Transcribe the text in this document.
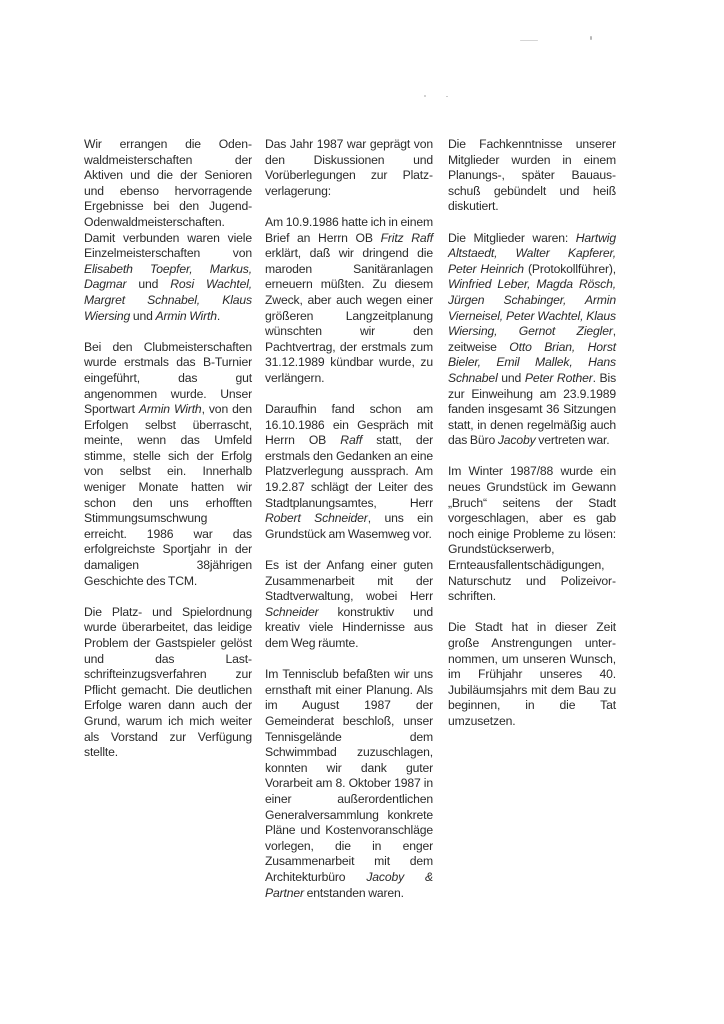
Wir errangen die Odenwaldmeisterschaften der Aktiven und die der Senioren und ebenso hervorragende Ergebnisse bei den Jugend-Odenwaldmeisterschaften. Damit verbunden waren viele Einzelmeisterschaften von Elisabeth Toepfer, Markus, Dagmar und Rosi Wachtel, Margret Schnabel, Klaus Wiersing und Armin Wirth.

Bei den Clubmeisterschaften wurde erstmals das B-Turnier eingeführt, das gut angenommen wurde. Unser Sportwart Armin Wirth, von den Erfolgen selbst überrascht, meinte, wenn das Umfeld stimme, stelle sich der Erfolg von selbst ein. Innerhalb weniger Monate hatten wir schon den uns erhofften Stimmungsumschwung erreicht. 1986 war das erfolgreichste Sportjahr in der damaligen 38jährigen Geschichte des TCM.

Die Platz- und Spielordnung wurde überarbeitet, das leidige Problem der Gastspieler gelöst und das Lastschrifteinzugsverfahren zur Pflicht gemacht. Die deutlichen Erfolge waren dann auch der Grund, warum ich mich weiter als Vorstand zur Verfügung stellte.

Das Jahr 1987 war geprägt von den Diskussionen und Vorüberlegungen zur Platzverlagerung:

Am 10.9.1986 hatte ich in einem Brief an Herrn OB Fritz Raff erklärt, daß wir dringend die maroden Sanitäranlagen erneuern müßten. Zu diesem Zweck, aber auch wegen einer größeren Langzeitplanung wünschten wir den Pachtvertrag, der erstmals zum 31.12.1989 kündbar wurde, zu verlängern.

Daraufhin fand schon am 16.10.1986 ein Gespräch mit Herrn OB Raff statt, der erstmals den Gedanken an eine Platzverlegung aussprach. Am 19.2.87 schlägt der Leiter des Stadtplanungsamtes, Herr Robert Schneider, uns ein Grundstück am Wasemweg vor.

Es ist der Anfang einer guten Zusammenarbeit mit der Stadtverwaltung, wobei Herr Schneider konstruktiv und kreativ viele Hindernisse aus dem Weg räumte.

Im Tennisclub befaßten wir uns ernsthaft mit einer Planung. Als im August 1987 der Gemeinderat beschloß, unser Tennisgelände dem Schwimmbad zuzuschlagen, konnten wir dank guter Vorarbeit am 8. Oktober 1987 in einer außerordentlichen Generalversammlung konkrete Pläne und Kostenvoranschläge vorlegen, die in enger Zusammenarbeit mit dem Architekturbüro Jacoby & Partner entstanden waren.

Die Fachkenntnisse unserer Mitglieder wurden in einem Planungs-, später Bauausschuß gebündelt und heiß diskutiert.

Die Mitglieder waren: Hartwig Altstaedt, Walter Kapferer, Peter Heinrich (Protokollführer), Winfried Leber, Magda Rösch, Jürgen Schabinger, Armin Vierneisel, Peter Wachtel, Klaus Wiersing, Gernot Ziegler, zeitweise Otto Brian, Horst Bieler, Emil Mallek, Hans Schnabel und Peter Rother. Bis zur Einweihung am 23.9.1989 fanden insgesamt 36 Sitzungen statt, in denen regelmäßig auch das Büro Jacoby vertreten war.

Im Winter 1987/88 wurde ein neues Grundstück im Gewann „Bruch“ seitens der Stadt vorgeschlagen, aber es gab noch einige Probleme zu lösen: Grundstückserwerb, Ernteausfallentschädigungen, Naturschutz und Polizeivorschriften.

Die Stadt hat in dieser Zeit große Anstrengungen unternommen, um unseren Wunsch, im Frühjahr unseres 40. Jubiläumsjahrs mit dem Bau zu beginnen, in die Tat umzusetzen.
